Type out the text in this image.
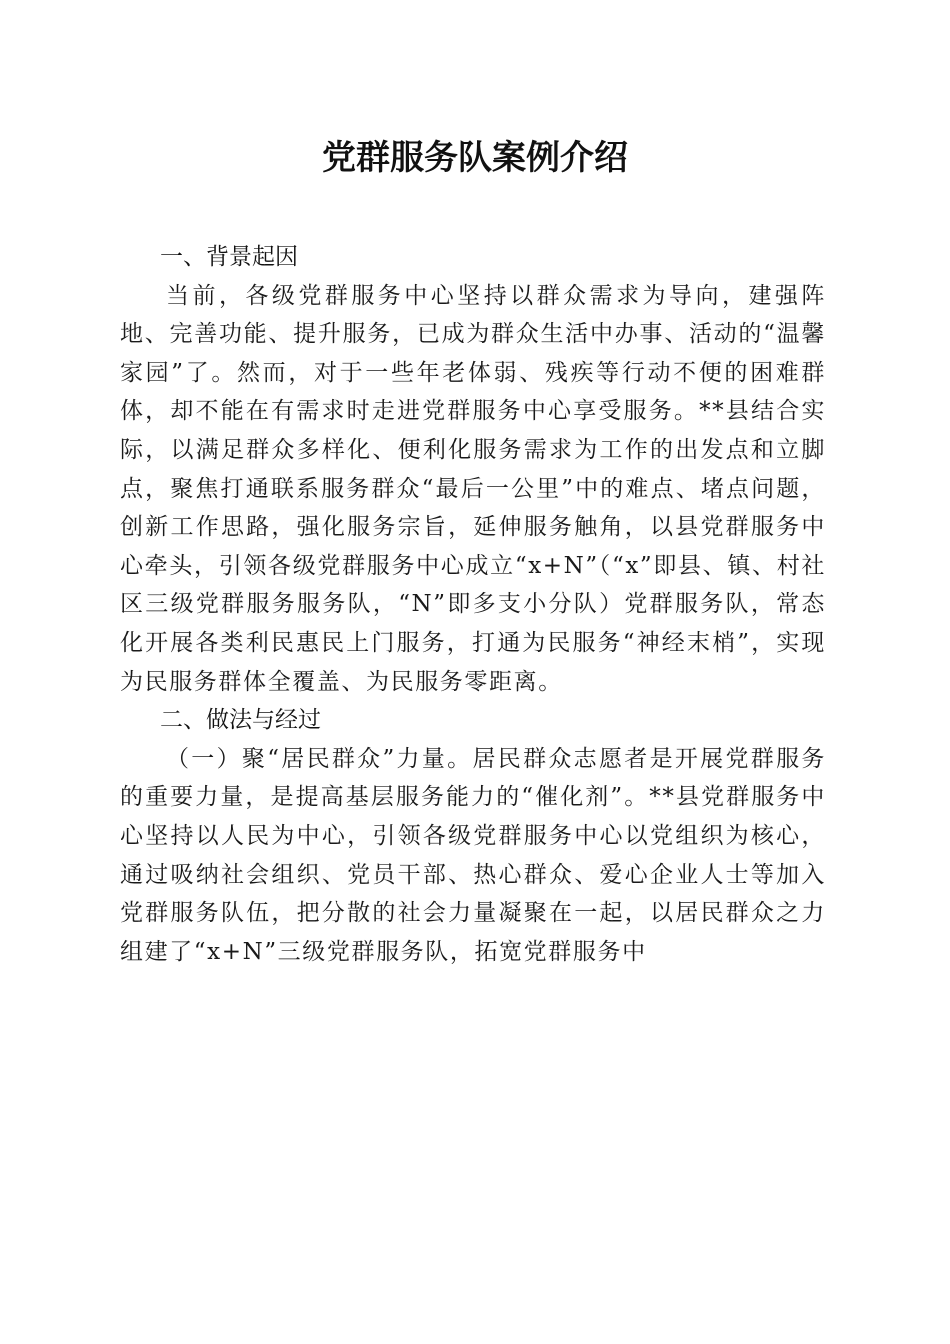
党群服务队案例介绍

一、背景起因

当前，各级党群服务中心坚持以群众需求为导向，建强阵地、完善功能、提升服务，已成为群众生活中办事、活动的“温馨家园”了。然而，对于一些年老体弱、残疾等行动不便的困难群体，却不能在有需求时走进党群服务中心享受服务。**县结合实际，以满足群众多样化、便利化服务需求为工作的出发点和立脚点，聚焦打通联系服务群众“最后一公里”中的难点、堵点问题，创新工作思路，强化服务宗旨，延伸服务触角，以县党群服务中心牵头，引领各级党群服务中心成立“x+N”（“x”即县、镇、村社区三级党群服务服务队，“N”即多支小分队）党群服务队，常态化开展各类利民惠民上门服务，打通为民服务“神经末梢”，实现为民服务群体全覆盖、为民服务零距离。

二、做法与经过

（一）聚“居民群众”力量。居民群众志愿者是开展党群服务的重要力量，是提高基层服务能力的“催化剂”。**县党群服务中心坚持以人民为中心，引领各级党群服务中心以党组织为核心，通过吸纳社会组织、党员干部、热心群众、爱心企业人士等加入党群服务队伍，把分散的社会力量凝聚在一起，以居民群众之力组建了“x+N”三级党群服务队，拓宽党群服务中
